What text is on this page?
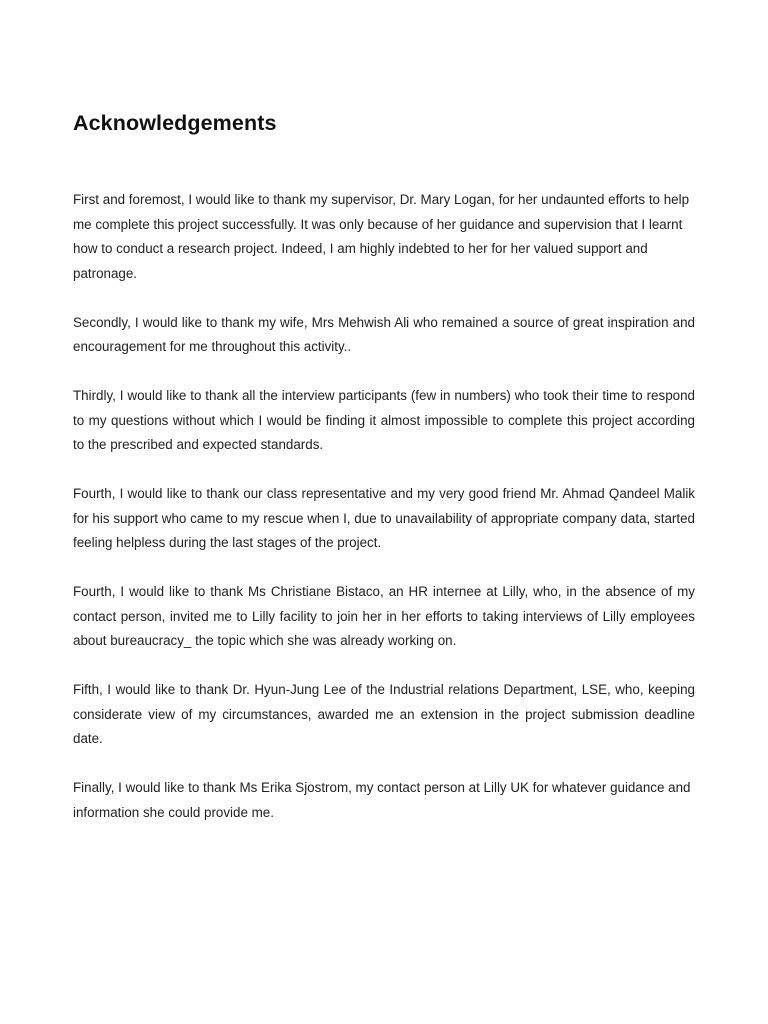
Acknowledgements

First and foremost, I would like to thank my supervisor, Dr. Mary Logan, for her undaunted efforts to help me complete this project successfully. It was only because of her guidance and supervision that I learnt how to conduct a research project. Indeed, I am highly indebted to her for her valued support and patronage.

Secondly, I would like to thank my wife, Mrs Mehwish Ali who remained a source of great inspiration and encouragement for me throughout this activity..

Thirdly, I would like to thank all the interview participants (few in numbers) who took their time to respond to my questions without which I would be finding it almost impossible to complete this project according to the prescribed and expected standards.

Fourth, I would like to thank our class representative and my very good friend Mr. Ahmad Qandeel Malik for his support who came to my rescue when I, due to unavailability of appropriate company data, started feeling helpless during the last stages of the project.

Fourth, I would like to thank Ms Christiane Bistaco, an HR internee at Lilly, who, in the absence of my contact person, invited me to Lilly facility to join her in her efforts to taking interviews of Lilly employees about bureaucracy_ the topic which she was already working on.

Fifth, I would like to thank Dr. Hyun-Jung Lee of the Industrial relations Department, LSE, who, keeping considerate view of my circumstances, awarded me an extension in the project submission deadline date.

Finally, I would like to thank Ms Erika Sjostrom, my contact person at Lilly UK for whatever guidance and information she could provide me.
